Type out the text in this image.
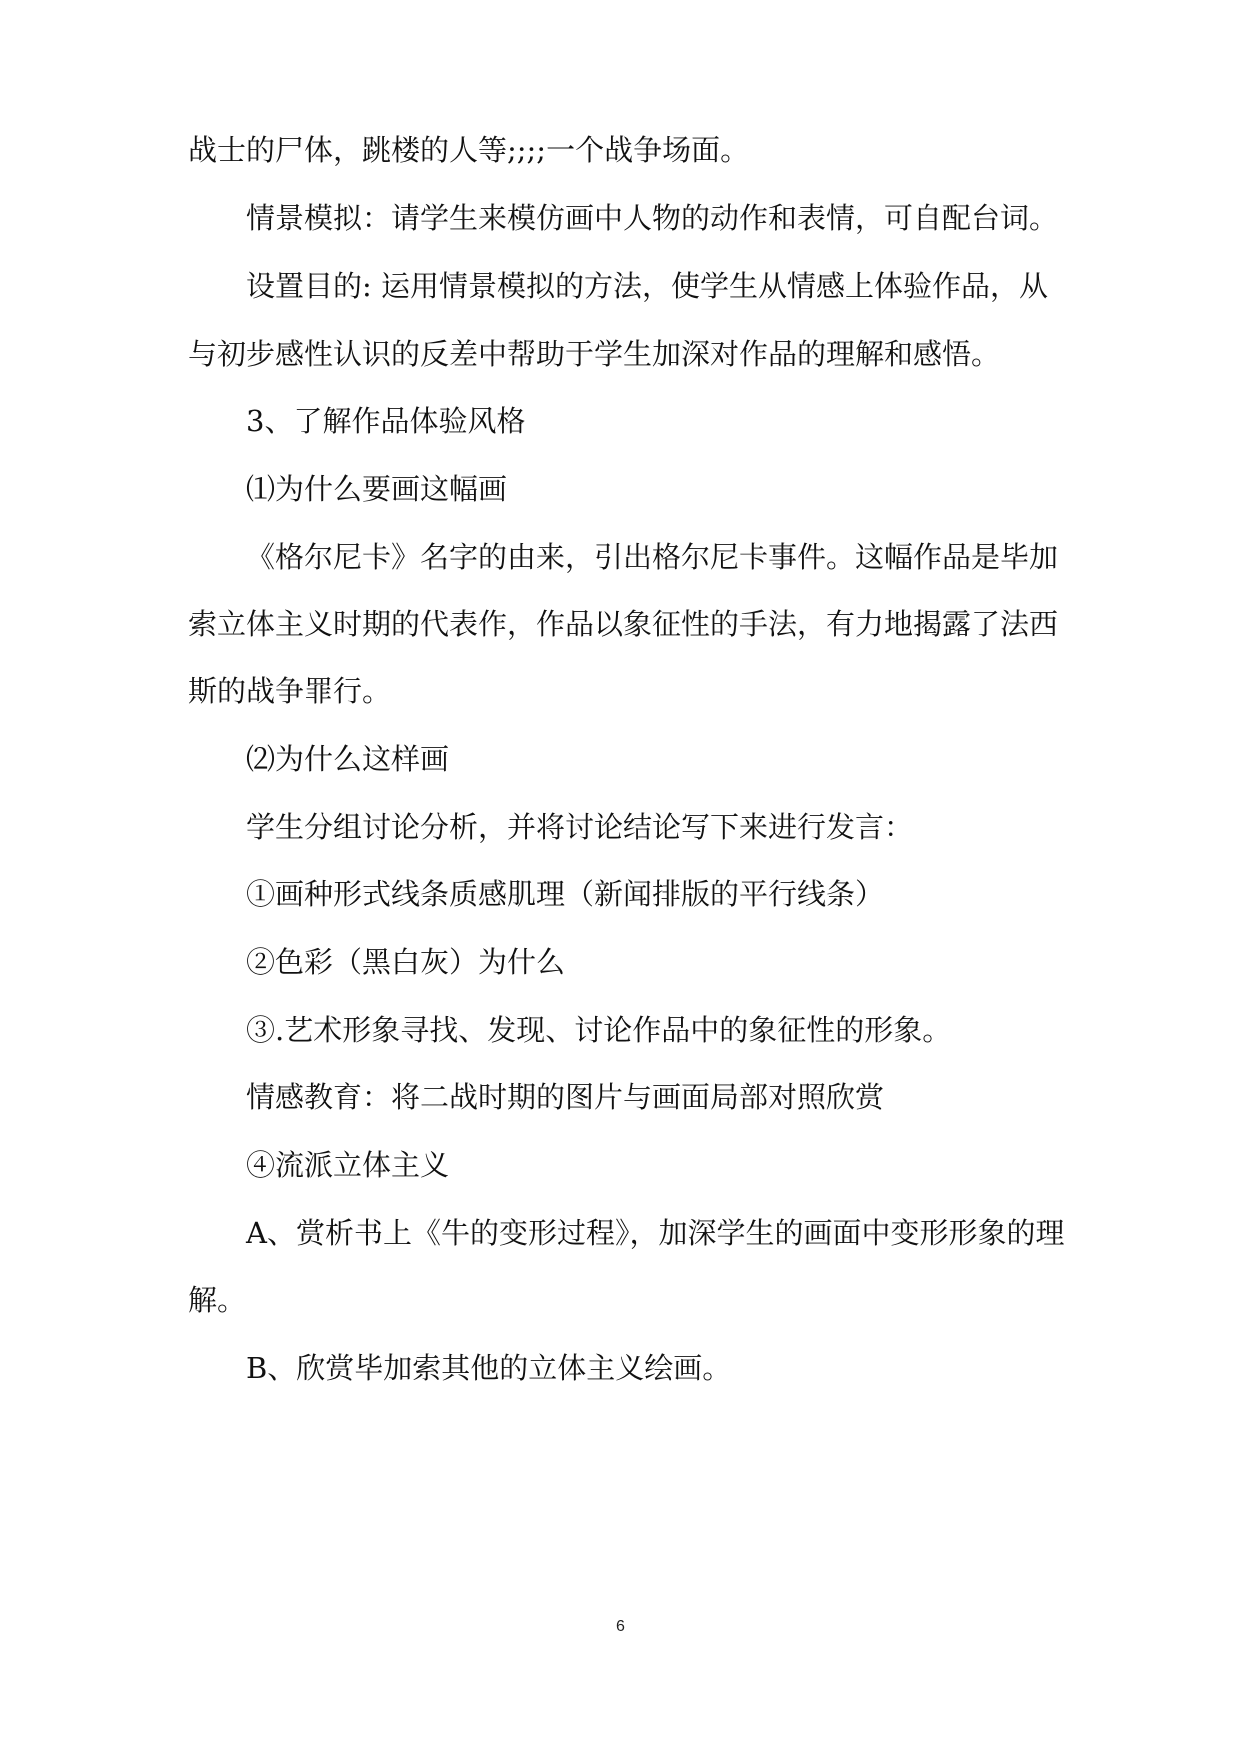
战士的尸体，跳楼的人等;;;;一个战争场面。
情景模拟：请学生来模仿画中人物的动作和表情，可自配台词。
设置目的: 运用情景模拟的方法，使学生从情感上体验作品，从
与初步感性认识的反差中帮助于学生加深对作品的理解和感悟。
3、了解作品体验风格
⑴为什么要画这幅画
《格尔尼卡》名字的由来，引出格尔尼卡事件。这幅作品是毕加
索立体主义时期的代表作，作品以象征性的手法，有力地揭露了法西
斯的战争罪行。
⑵为什么这样画
学生分组讨论分析，并将讨论结论写下来进行发言：
①画种形式线条质感肌理（新闻排版的平行线条）
②色彩（黑白灰）为什么
③.艺术形象寻找、发现、讨论作品中的象征性的形象。
情感教育：将二战时期的图片与画面局部对照欣赏
④流派立体主义
A、赏析书上《牛的变形过程》，加深学生的画面中变形形象的理
解。
B、欣赏毕加索其他的立体主义绘画。
6
